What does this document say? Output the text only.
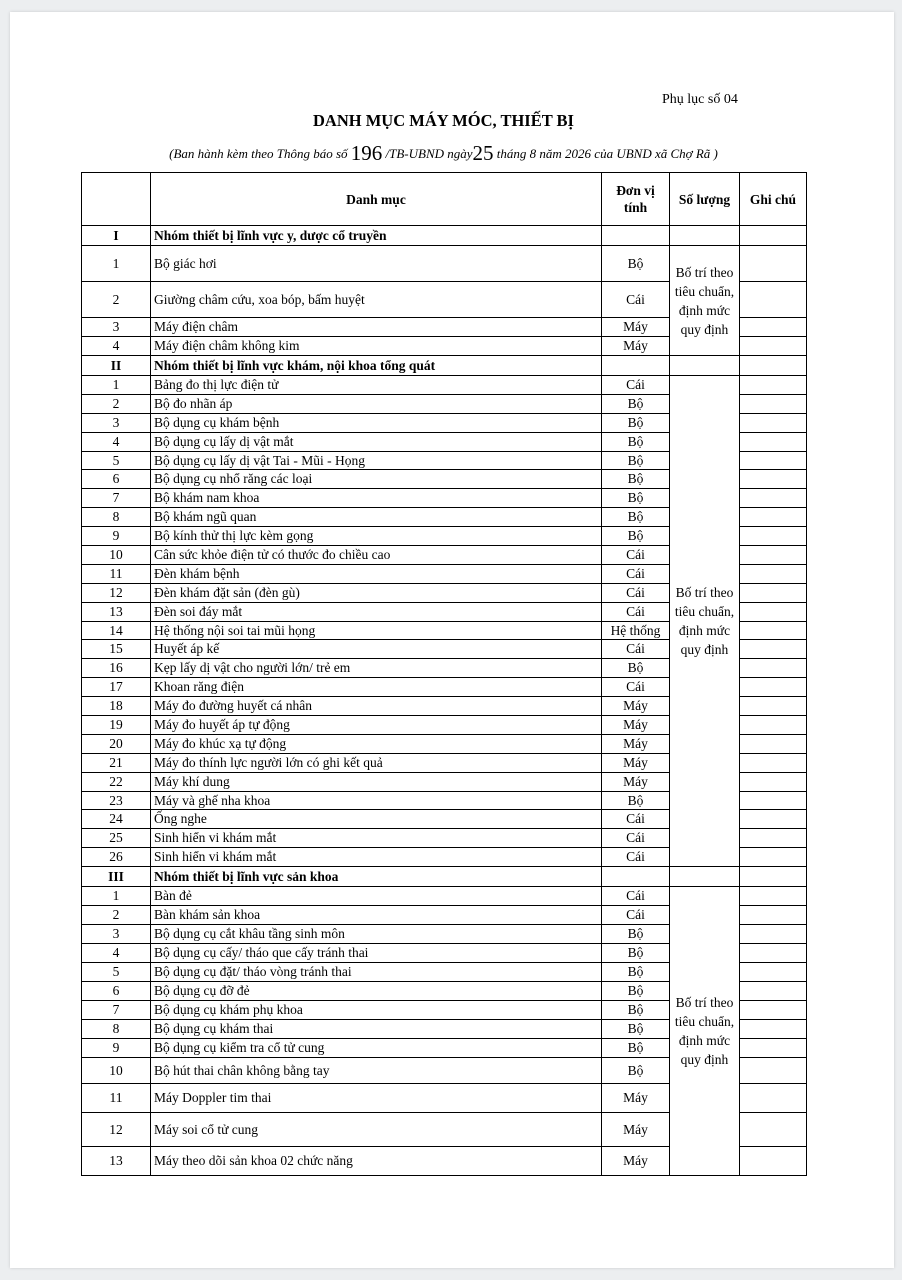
Phụ lục số 04
DANH MỤC MÁY MÓC, THIẾT BỊ
(Ban hành kèm theo Thông báo số 196 /TB-UBND ngày25 tháng 8 năm 2026 của UBND xã Chợ Rã )
	Danh mục	Đơn vị tính	Số lượng	Ghi chú
I	Nhóm thiết bị lĩnh vực y, dược cổ truyền			
1	Bộ giác hơi	Bộ	Bố trí theo tiêu chuẩn, định mức quy định	
2	Giường châm cứu, xoa bóp, bấm huyệt	Cái		
3	Máy điện châm	Máy		
4	Máy điện châm không kim	Máy		
II	Nhóm thiết bị lĩnh vực khám, nội khoa tổng quát			
1	Bảng đo thị lực điện tử	Cái	Bố trí theo tiêu chuẩn, định mức quy định	
2	Bộ đo nhãn áp	Bộ		
3	Bộ dụng cụ khám bệnh	Bộ		
4	Bộ dụng cụ lấy dị vật mắt	Bộ		
5	Bộ dụng cụ lấy dị vật Tai - Mũi - Họng	Bộ		
6	Bộ dụng cụ nhổ răng các loại	Bộ		
7	Bộ khám nam khoa	Bộ		
8	Bộ khám ngũ quan	Bộ		
9	Bộ kính thử thị lực kèm gọng	Bộ		
10	Cân sức khỏe điện tử có thước đo chiều cao	Cái		
11	Đèn khám bệnh	Cái		
12	Đèn khám đặt sản (đèn gù)	Cái		
13	Đèn soi đáy mắt	Cái		
14	Hệ thống nội soi tai mũi họng	Hệ thống		
15	Huyết áp kế	Cái		
16	Kẹp lấy dị vật cho người lớn/ trẻ em	Bộ		
17	Khoan răng điện	Cái		
18	Máy đo đường huyết cá nhân	Máy		
19	Máy đo huyết áp tự động	Máy		
20	Máy đo khúc xạ tự động	Máy		
21	Máy đo thính lực người lớn có ghi kết quả	Máy		
22	Máy khí dung	Máy		
23	Máy và ghế nha khoa	Bộ		
24	Ống nghe	Cái		
25	Sinh hiển vi khám mắt	Cái		
26	Sinh hiển vi khám mắt	Cái		
III	Nhóm thiết bị lĩnh vực sản khoa			
1	Bàn đẻ	Cái	Bố trí theo tiêu chuẩn, định mức quy định	
2	Bàn khám sản khoa	Cái		
3	Bộ dụng cụ cắt khâu tầng sinh môn	Bộ		
4	Bộ dụng cụ cấy/ tháo que cấy tránh thai	Bộ		
5	Bộ dụng cụ đặt/ tháo vòng tránh thai	Bộ		
6	Bộ dụng cụ đỡ đẻ	Bộ		
7	Bộ dụng cụ khám phụ khoa	Bộ		
8	Bộ dụng cụ khám thai	Bộ		
9	Bộ dụng cụ kiểm tra cổ tử cung	Bộ		
10	Bộ hút thai chân không bằng tay	Bộ		
11	Máy Doppler tim thai	Máy		
12	Máy soi cổ tử cung	Máy		
13	Máy theo dõi sản khoa 02 chức năng	Máy		
